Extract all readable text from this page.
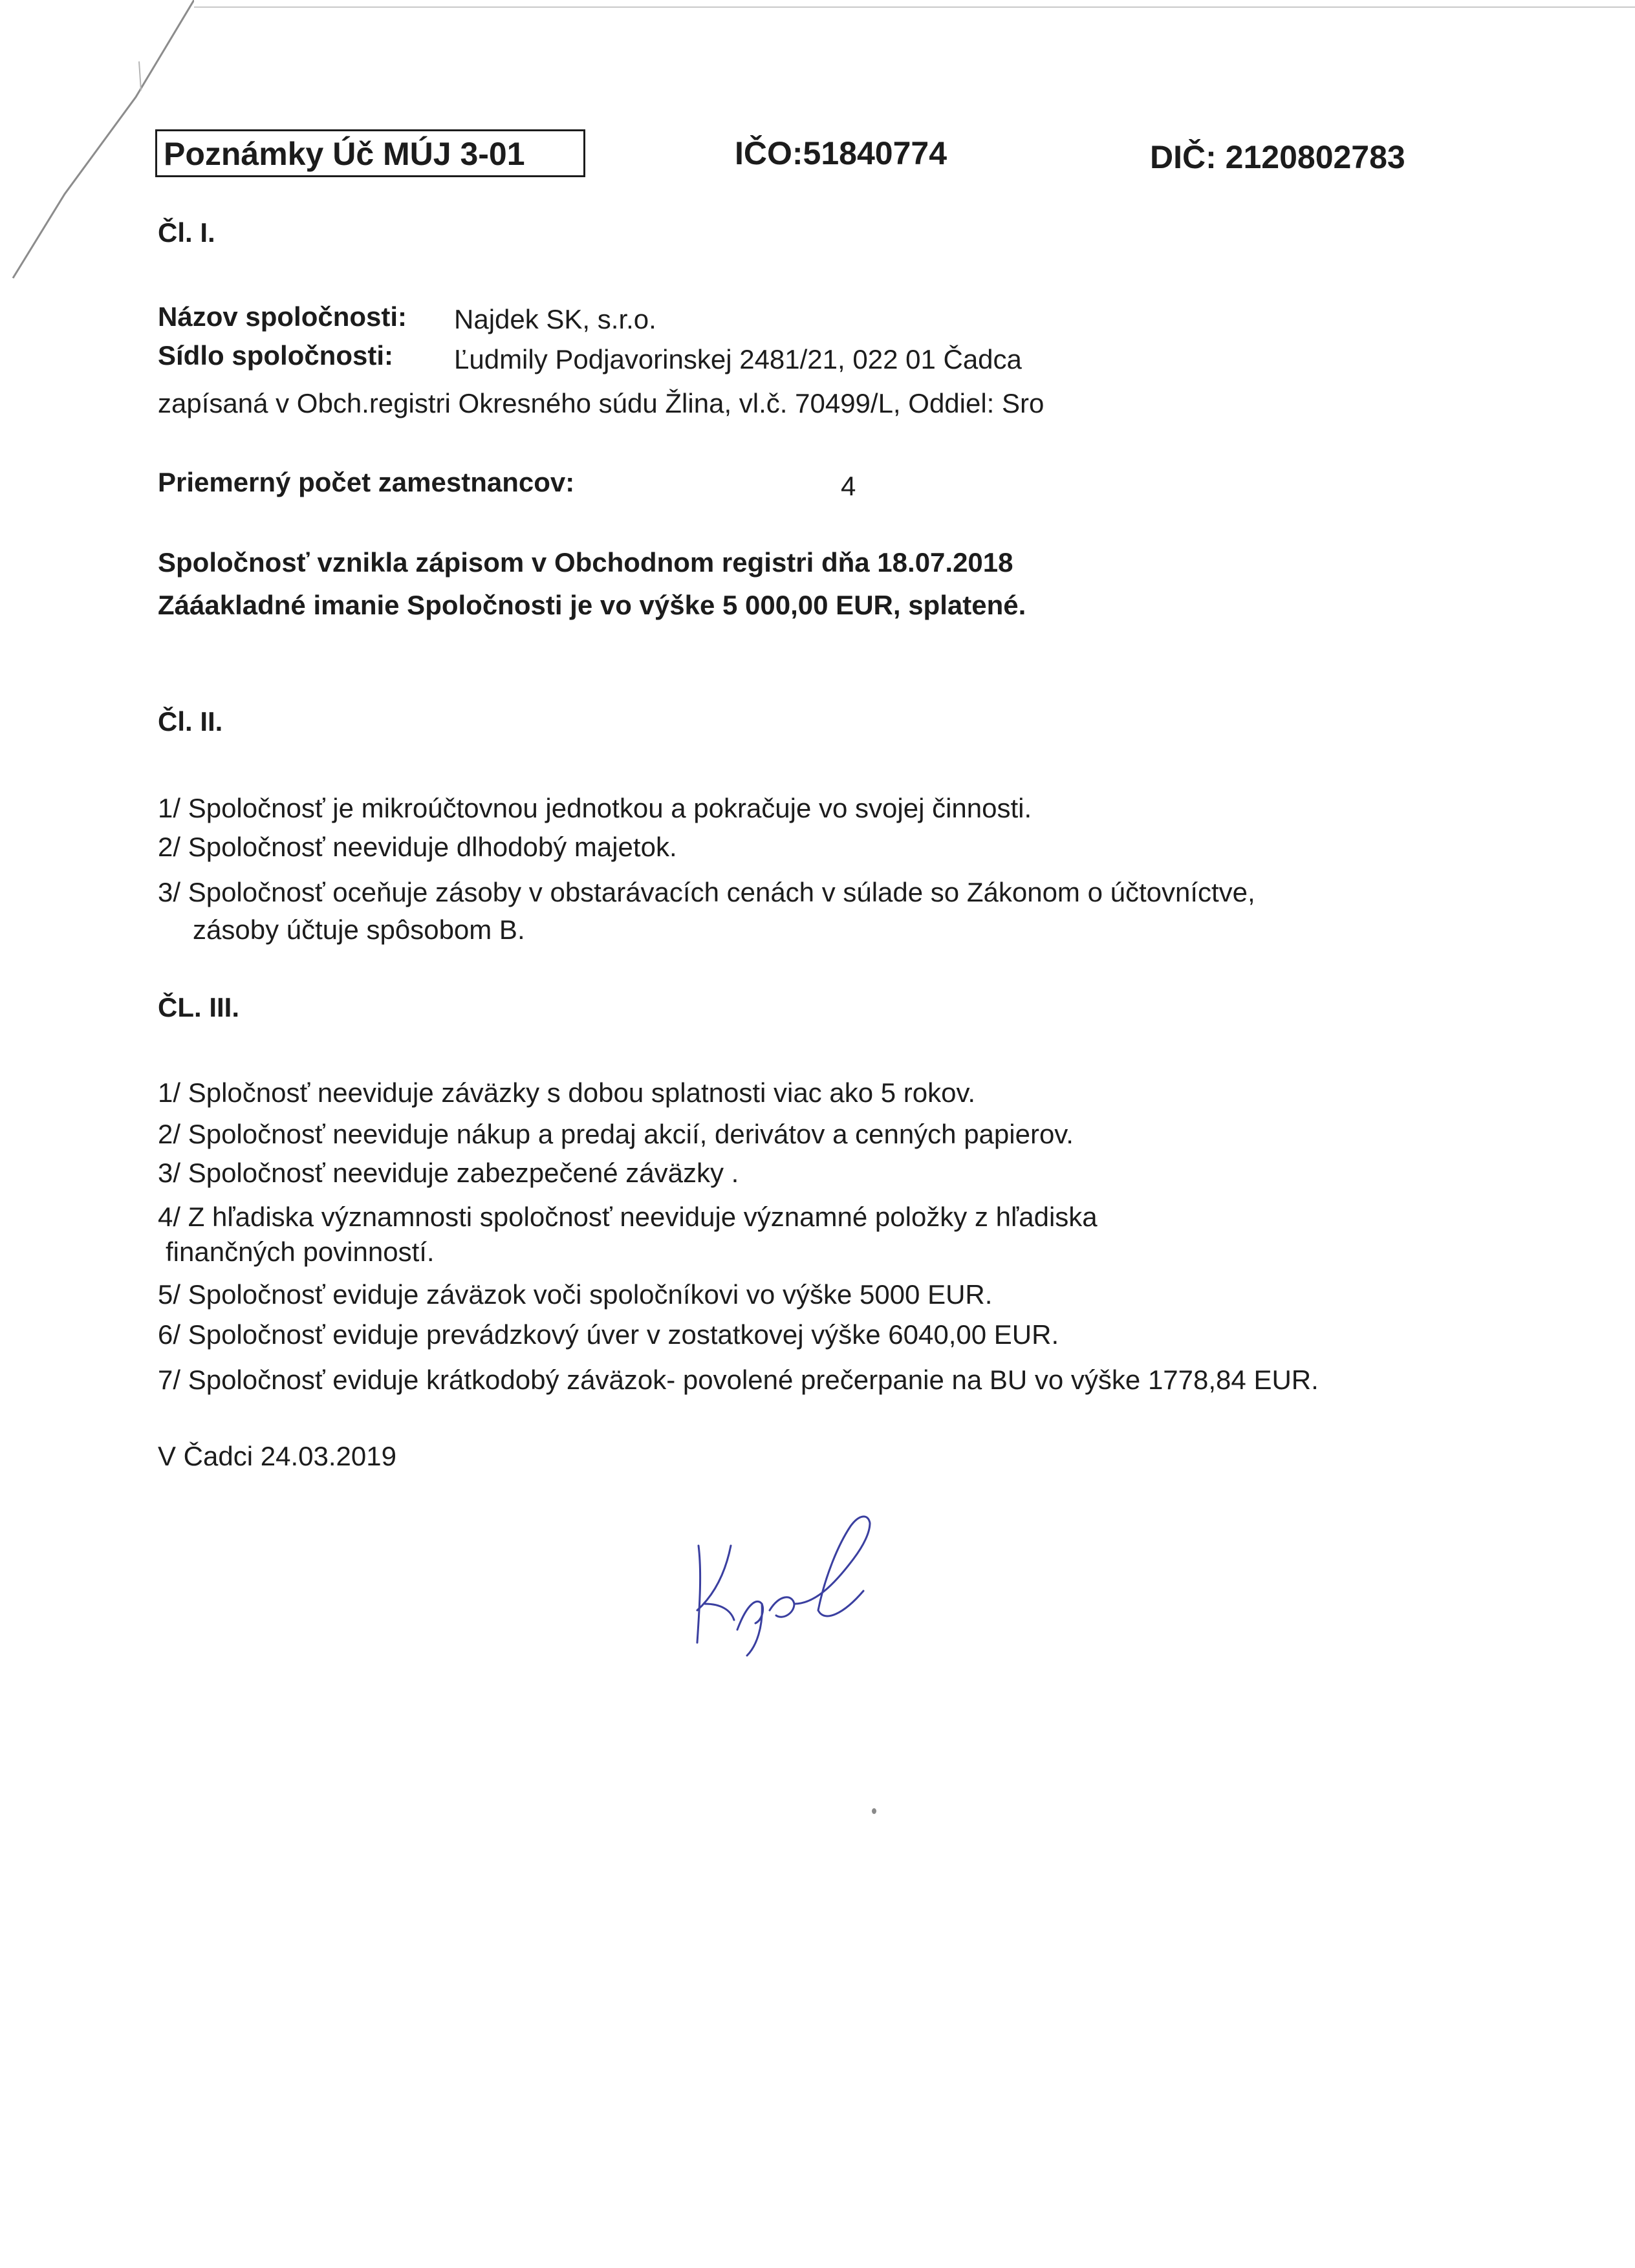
Poznámky Úč MÚJ 3-01	IČO:51840774	DIČ: 2120802783
Čl. I.
Názov spoločnosti: Najdek SK, s.r.o.
Sídlo spoločnosti: Ľudmily Podjavorinskej 2481/21, 022 01 Čadca
zapísaná v Obch.registri Okresného súdu Žlina, vl.č. 70499/L, Oddiel: Sro
Priemerný počet zamestnancov:	4
Spoločnosť vznikla zápisom v Obchodnom registri dňa 18.07.2018
Zááakladné imanie Spoločnosti je vo výške 5 000,00 EUR, splatené.
Čl. II.
1/ Spoločnosť je mikroúčtovnou jednotkou a pokračuje vo svojej činnosti.
2/ Spoločnosť neeviduje dlhodobý majetok.
3/ Spoločnosť oceňuje zásoby v obstarávacích cenách v súlade so Zákonom o účtovníctve,
zásoby účtuje spôsobom B.
ČL. III.
1/ Spločnosť neeviduje záväzky s dobou splatnosti viac ako 5 rokov.
2/ Spoločnosť neeviduje nákup a predaj akcií, derivátov a cenných papierov.
3/ Spoločnosť neeviduje zabezpečené záväzky .
4/ Z hľadiska významnosti spoločnosť neeviduje významné položky z hľadiska
finančných povinností.
5/ Spoločnosť eviduje záväzok voči spoločníkovi vo výške 5000 EUR.
6/ Spoločnosť eviduje prevádzkový úver v zostatkovej výške 6040,00 EUR.
7/ Spoločnosť eviduje krátkodobý záväzok- povolené prečerpanie na BU vo výške 1778,84 EUR.
V Čadci 24.03.2019
